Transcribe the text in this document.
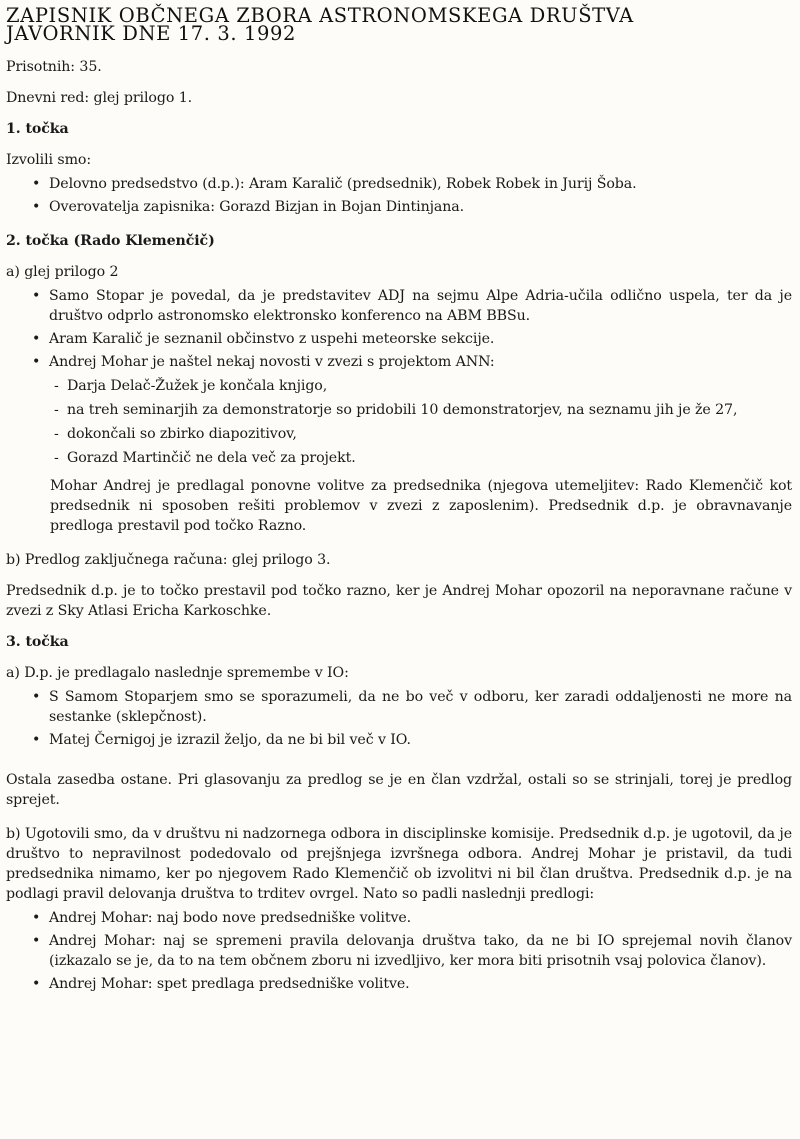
ZAPISNIK OBČNEGA ZBORA ASTRONOMSKEGA DRUŠTVA
JAVORNIK DNE 17. 3. 1992

Prisotnih: 35.

Dnevni red: glej prilogo 1.

1. točka

Izvolili smo:

• Delovno predsedstvo (d.p.): Aram Karalič (predsednik), Robek Robek in Jurij Šoba.
• Overovatelja zapisnika: Gorazd Bizjan in Bojan Dintinjana.

2. točka (Rado Klemenčič)

a) glej prilogo 2

• Samo Stopar je povedal, da je predstavitev ADJ na sejmu Alpe Adria-učila odlično uspela, ter da je društvo odprlo astronomsko elektronsko konferenco na ABM BBSu.
• Aram Karalič je seznanil občinstvo z uspehi meteorske sekcije.
• Andrej Mohar je naštel nekaj novosti v zvezi s projektom ANN:
- Darja Delač-Žužek je končala knjigo,
- na treh seminarjih za demonstratorje so pridobili 10 demonstratorjev, na seznamu jih je že 27,
- dokončali so zbirko diapozitivov,
- Gorazd Martinčič ne dela več za projekt.

Mohar Andrej je predlagal ponovne volitve za predsednika (njegova utemeljitev: Rado Klemenčič kot predsednik ni sposoben rešiti problemov v zvezi z zaposlenim). Predsednik d.p. je obravnavanje predloga prestavil pod točko Razno.

b) Predlog zaključnega računa: glej prilogo 3.

Predsednik d.p. je to točko prestavil pod točko razno, ker je Andrej Mohar opozoril na neporavnane račune v zvezi z Sky Atlasi Ericha Karkoschke.

3. točka

a) D.p. je predlagalo naslednje spremembe v IO:

• S Samom Stoparjem smo se sporazumeli, da ne bo več v odboru, ker zaradi oddaljenosti ne more na sestanke (sklepčnost).
• Matej Černigoj je izrazil željo, da ne bi bil več v IO.

Ostala zasedba ostane. Pri glasovanju za predlog se je en član vzdržal, ostali so se strinjali, torej je predlog sprejet.

b) Ugotovili smo, da v društvu ni nadzornega odbora in disciplinske komisije. Predsednik d.p. je ugotovil, da je društvo to nepravilnost podedovalo od prejšnjega izvršnega odbora. Andrej Mohar je pristavil, da tudi predsednika nimamo, ker po njegovem Rado Klemenčič ob izvolitvi ni bil član društva. Predsednik d.p. je na podlagi pravil delovanja društva to trditev ovrgel. Nato so padli naslednji predlogi:

• Andrej Mohar: naj bodo nove predsedniške volitve.
• Andrej Mohar: naj se spremeni pravila delovanja društva tako, da ne bi IO sprejemal novih članov (izkazalo se je, da to na tem občnem zboru ni izvedljivo, ker mora biti prisotnih vsaj polovica članov).
• Andrej Mohar: spet predlaga predsedniške volitve.
